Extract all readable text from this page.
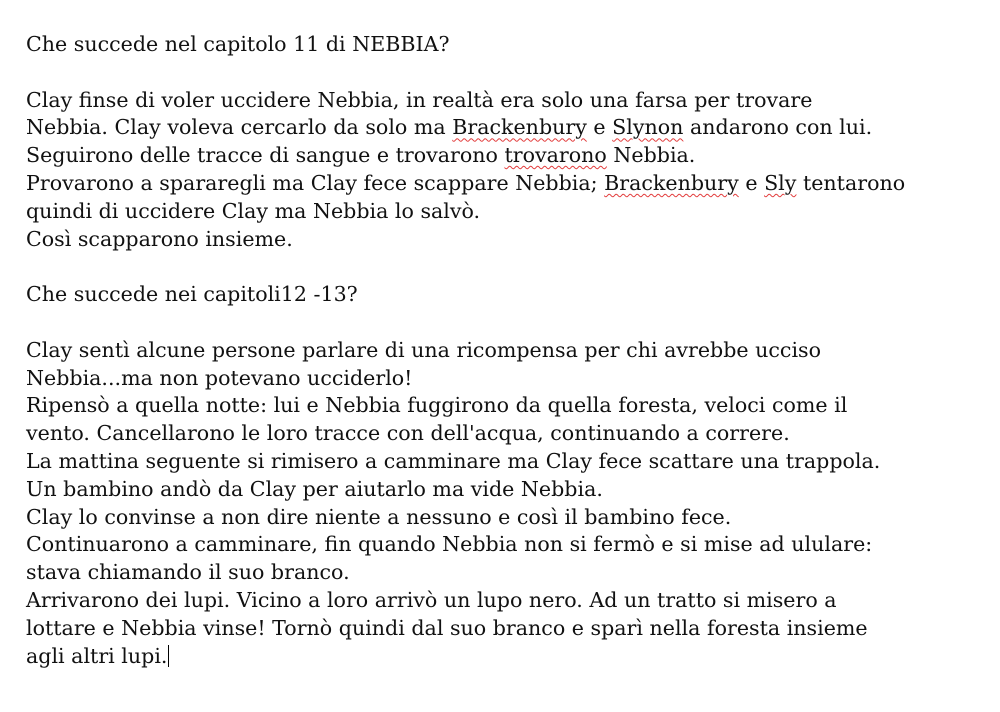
Che succede nel capitolo 11 di NEBBIA?
Clay finse di voler uccidere Nebbia, in realtà era solo una farsa per trovare
Nebbia. Clay voleva cercarlo da solo ma Brackenbury e Slynon andarono con lui.
Seguirono delle tracce di sangue e trovarono trovarono Nebbia.
Provarono a spararegli ma Clay fece scappare Nebbia; Brackenbury e Sly tentarono
quindi di uccidere Clay ma Nebbia lo salvò.
Così scapparono insieme.
Che succede nei capitoli12 -13?
Clay sentì alcune persone parlare di una ricompensa per chi avrebbe ucciso
Nebbia...ma non potevano ucciderlo!
Ripensò a quella notte: lui e Nebbia fuggirono da quella foresta, veloci come il
vento. Cancellarono le loro tracce con dell'acqua, continuando a correre.
La mattina seguente si rimisero a camminare ma Clay fece scattare una trappola.
Un bambino andò da Clay per aiutarlo ma vide Nebbia.
Clay lo convinse a non dire niente a nessuno e così il bambino fece.
Continuarono a camminare, fin quando Nebbia non si fermò e si mise ad ululare:
stava chiamando il suo branco.
Arrivarono dei lupi. Vicino a loro arrivò un lupo nero. Ad un tratto si misero a
lottare e Nebbia vinse! Tornò quindi dal suo branco e sparì nella foresta insieme
agli altri lupi.
